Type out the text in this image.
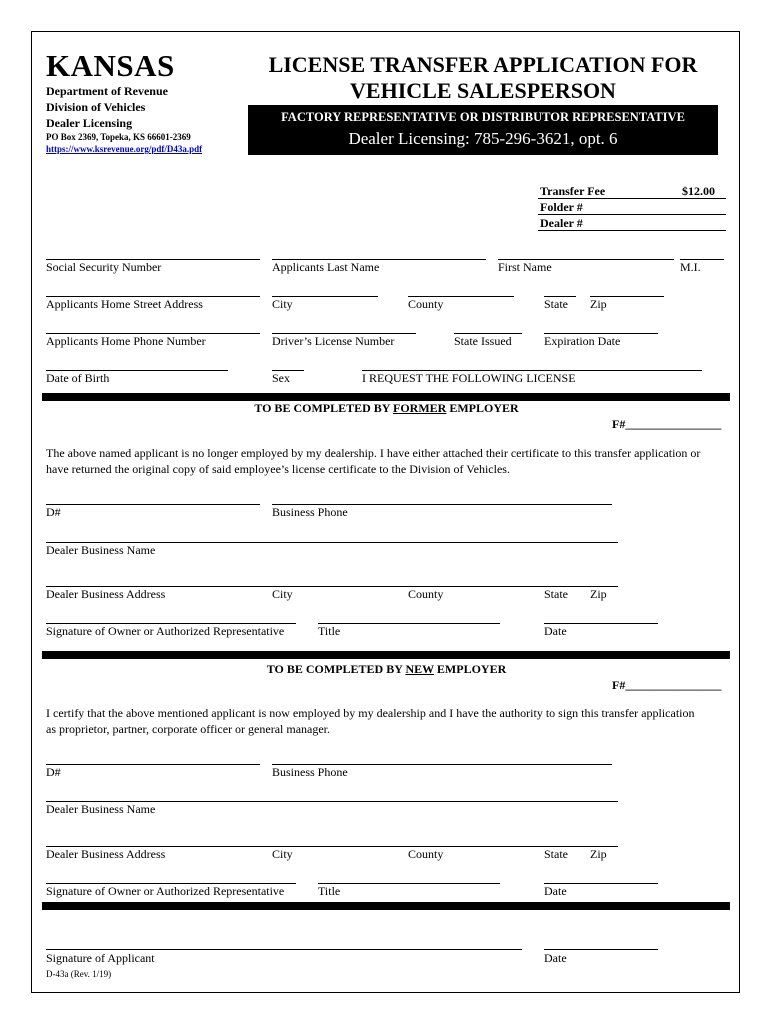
KANSAS
Department of Revenue
Division of Vehicles
Dealer Licensing
PO Box 2369, Topeka, KS 66601-2369
https://www.ksrevenue.org/pdf/D43a.pdf
LICENSE TRANSFER APPLICATION FOR
VEHICLE SALESPERSON
FACTORY REPRESENTATIVE OR DISTRIBUTOR REPRESENTATIVE
Dealer Licensing: 785-296-3621, opt. 6
Transfer Fee	$12.00
Folder #
Dealer #
Social Security Number	Applicants Last Name	First Name	M.I.
Applicants Home Street Address	City	County	State Zip
Applicants Home Phone Number	Driver’s License Number	State Issued	Expiration Date
Date of Birth	Sex	I REQUEST THE FOLLOWING LICENSE
TO BE COMPLETED BY FORMER EMPLOYER
F#________________
The above named applicant is no longer employed by my dealership. I have either attached their certificate to this transfer application or have returned the original copy of said employee’s license certificate to the Division of Vehicles.
D#	Business Phone
Dealer Business Name
Dealer Business Address	City	County	State Zip
Signature of Owner or Authorized Representative	Title	Date
TO BE COMPLETED BY NEW EMPLOYER
F#________________
I certify that the above mentioned applicant is now employed by my dealership and I have the authority to sign this transfer application as proprietor, partner, corporate officer or general manager.
D#	Business Phone
Dealer Business Name
Dealer Business Address	City	County	State Zip
Signature of Owner or Authorized Representative	Title	Date
Signature of Applicant	Date
D-43a (Rev. 1/19)
